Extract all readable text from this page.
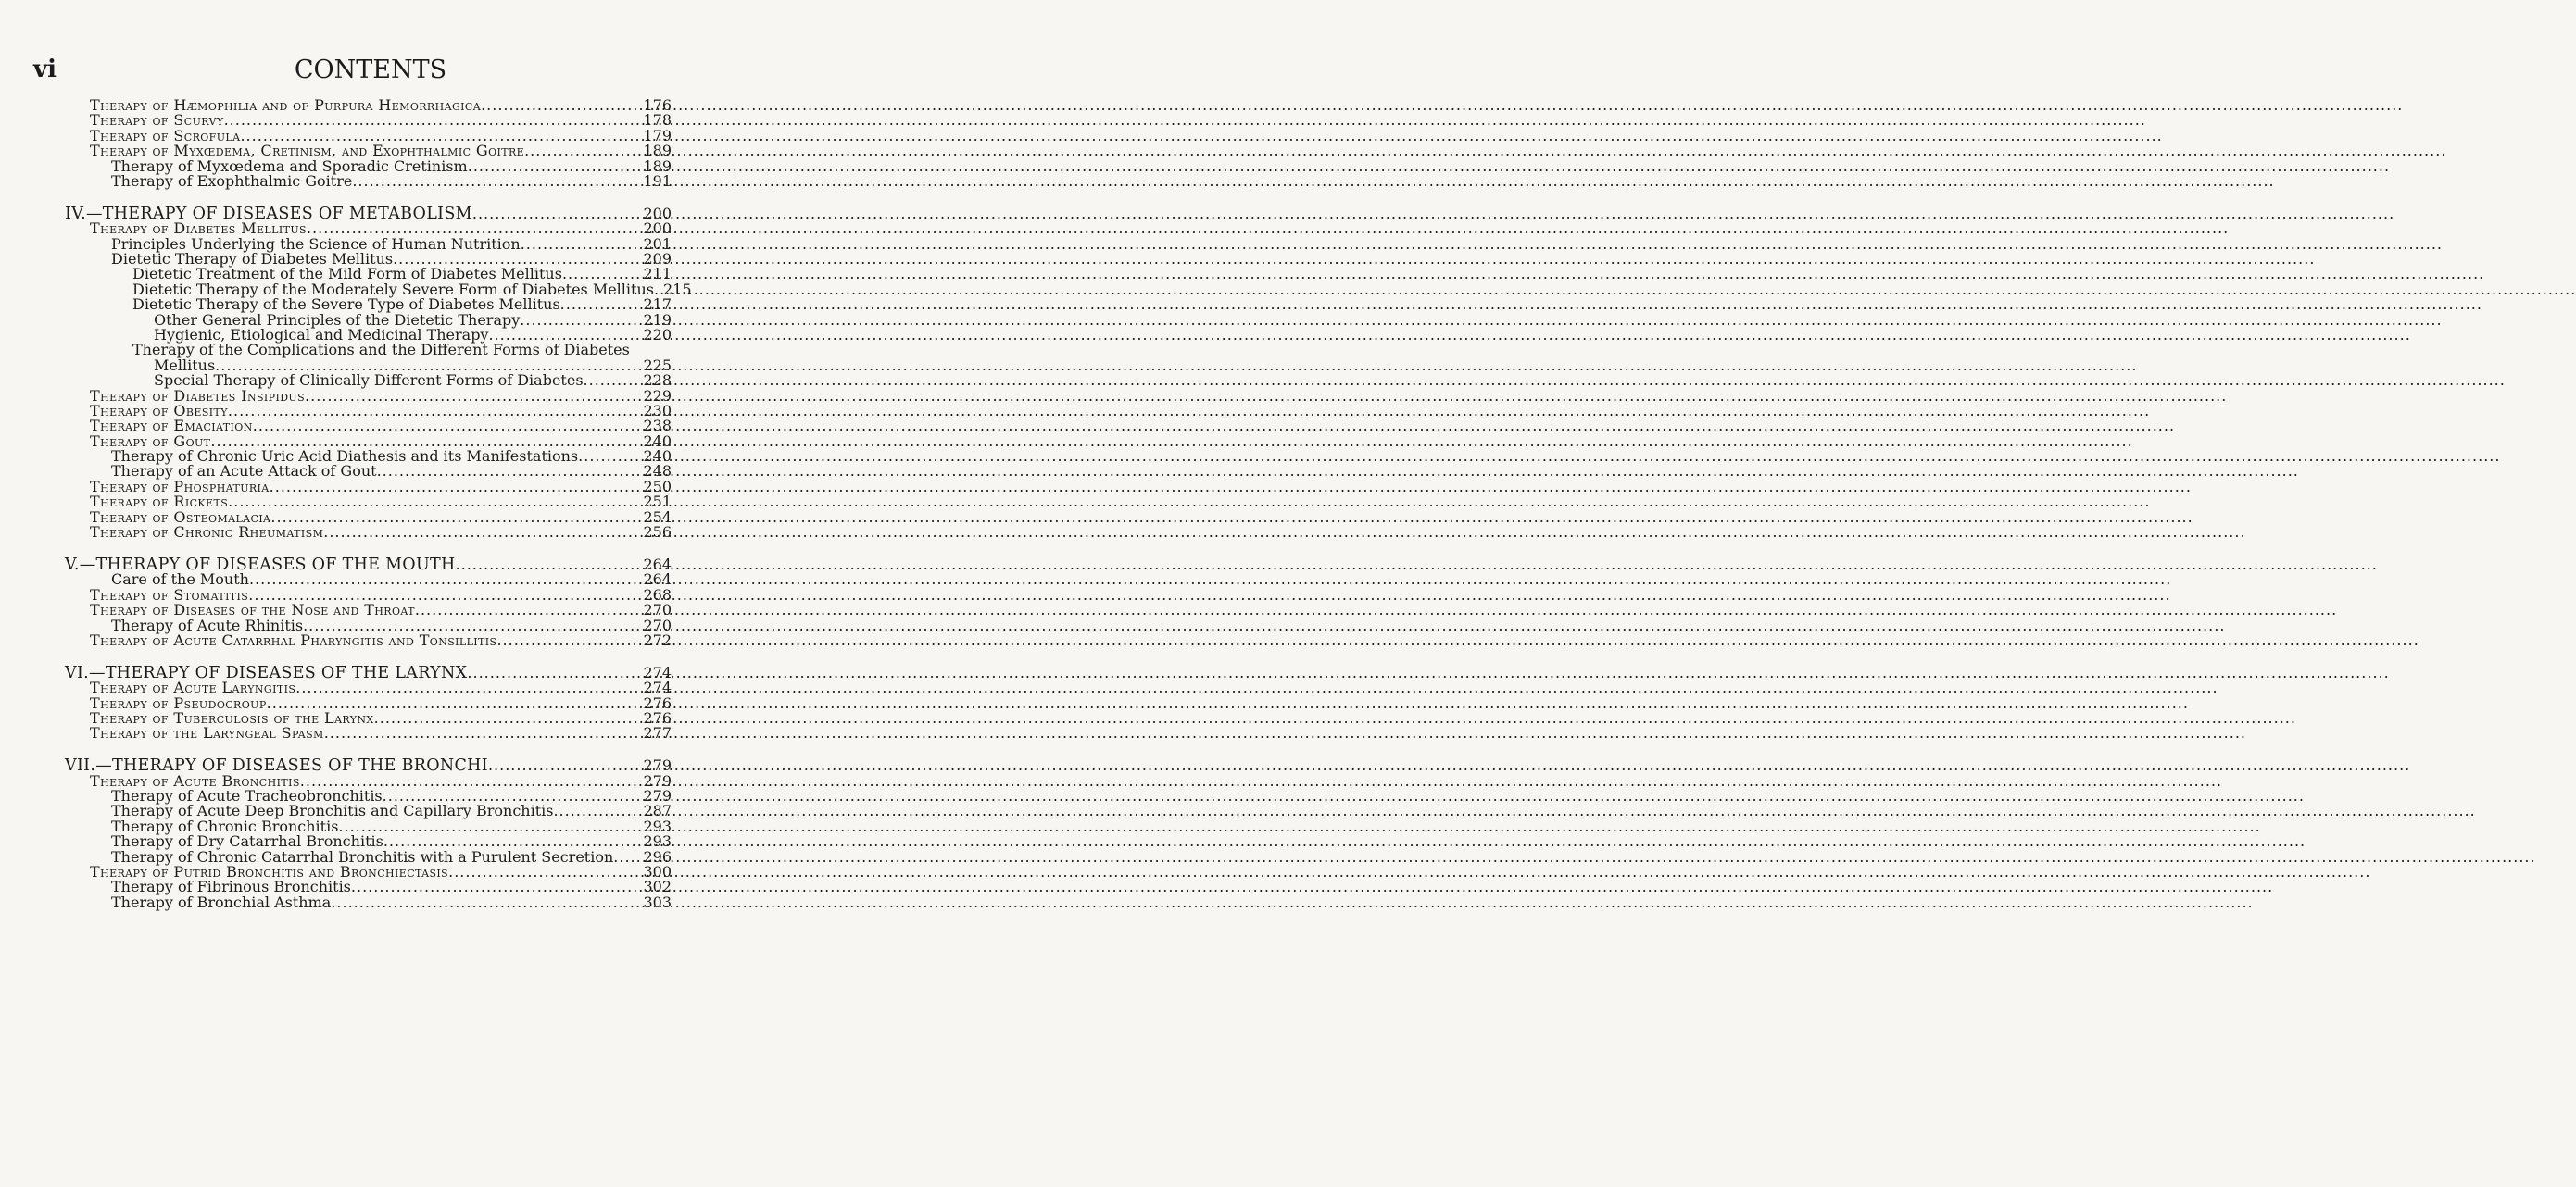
vi	CONTENTS
Therapy of Hæmophilia and of Purpura Hemorrhagica .....	176
Therapy of Scurvy .....	178
Therapy of Scrofula .....	179
Therapy of Myxœdema, Cretinism, and Exophthalmic Goitre .....	189
Therapy of Myxœdema and Sporadic Cretinism .....	189
Therapy of Exophthalmic Goitre .....	191
IV.—THERAPY OF DISEASES OF METABOLISM .....	200
Therapy of Diabetes Mellitus .....	200
Principles Underlying the Science of Human Nutrition .....	201
Dietetic Therapy of Diabetes Mellitus .....	209
Dietetic Treatment of the Mild Form of Diabetes Mellitus .....	211
Dietetic Therapy of the Moderately Severe Form of Diabetes Mellitus ..... 215
Dietetic Therapy of the Severe Type of Diabetes Mellitus .....	217
Other General Principles of the Dietetic Therapy .....	219
Hygienic, Etiological and Medicinal Therapy .....	220
Therapy of the Complications and the Different Forms of Diabetes
Mellitus .....	225
Special Therapy of Clinically Different Forms of Diabetes .....	228
Therapy of Diabetes Insipidus .....	229
Therapy of Obesity .....	230
Therapy of Emaciation .....	238
Therapy of Gout .....	240
Therapy of Chronic Uric Acid Diathesis and its Manifestations .....	240
Therapy of an Acute Attack of Gout .....	248
Therapy of Phosphaturia .....	250
Therapy of Rickets .....	251
Therapy of Osteomalacia .....	254
Therapy of Chronic Rheumatism .....	256
V.—THERAPY OF DISEASES OF THE MOUTH .....	264
Care of the Mouth .....	264
Therapy of Stomatitis .....	268
Therapy of Diseases of the Nose and Throat .....	270
Therapy of Acute Rhinitis .....	270
Therapy of Acute Catarrhal Pharyngitis and Tonsillitis .....	272
VI.—THERAPY OF DISEASES OF THE LARYNX .....	274
Therapy of Acute Laryngitis .....	274
Therapy of Pseudocroup .....	276
Therapy of Tuberculosis of the Larynx .....	276
Therapy of the Laryngeal Spasm .....	277
VII.—THERAPY OF DISEASES OF THE BRONCHI .....	279
Therapy of Acute Bronchitis .....	279
Therapy of Acute Tracheobronchitis .....	279
Therapy of Acute Deep Bronchitis and Capillary Bronchitis .....	287
Therapy of Chronic Bronchitis .....	293
Therapy of Dry Catarrhal Bronchitis .....	293
Therapy of Chronic Catarrhal Bronchitis with a Purulent Secretion ..... 296
Therapy of Putrid Bronchitis and Bronchiectasis .....	300
Therapy of Fibrinous Bronchitis .....	302
Therapy of Bronchial Asthma .....	303
